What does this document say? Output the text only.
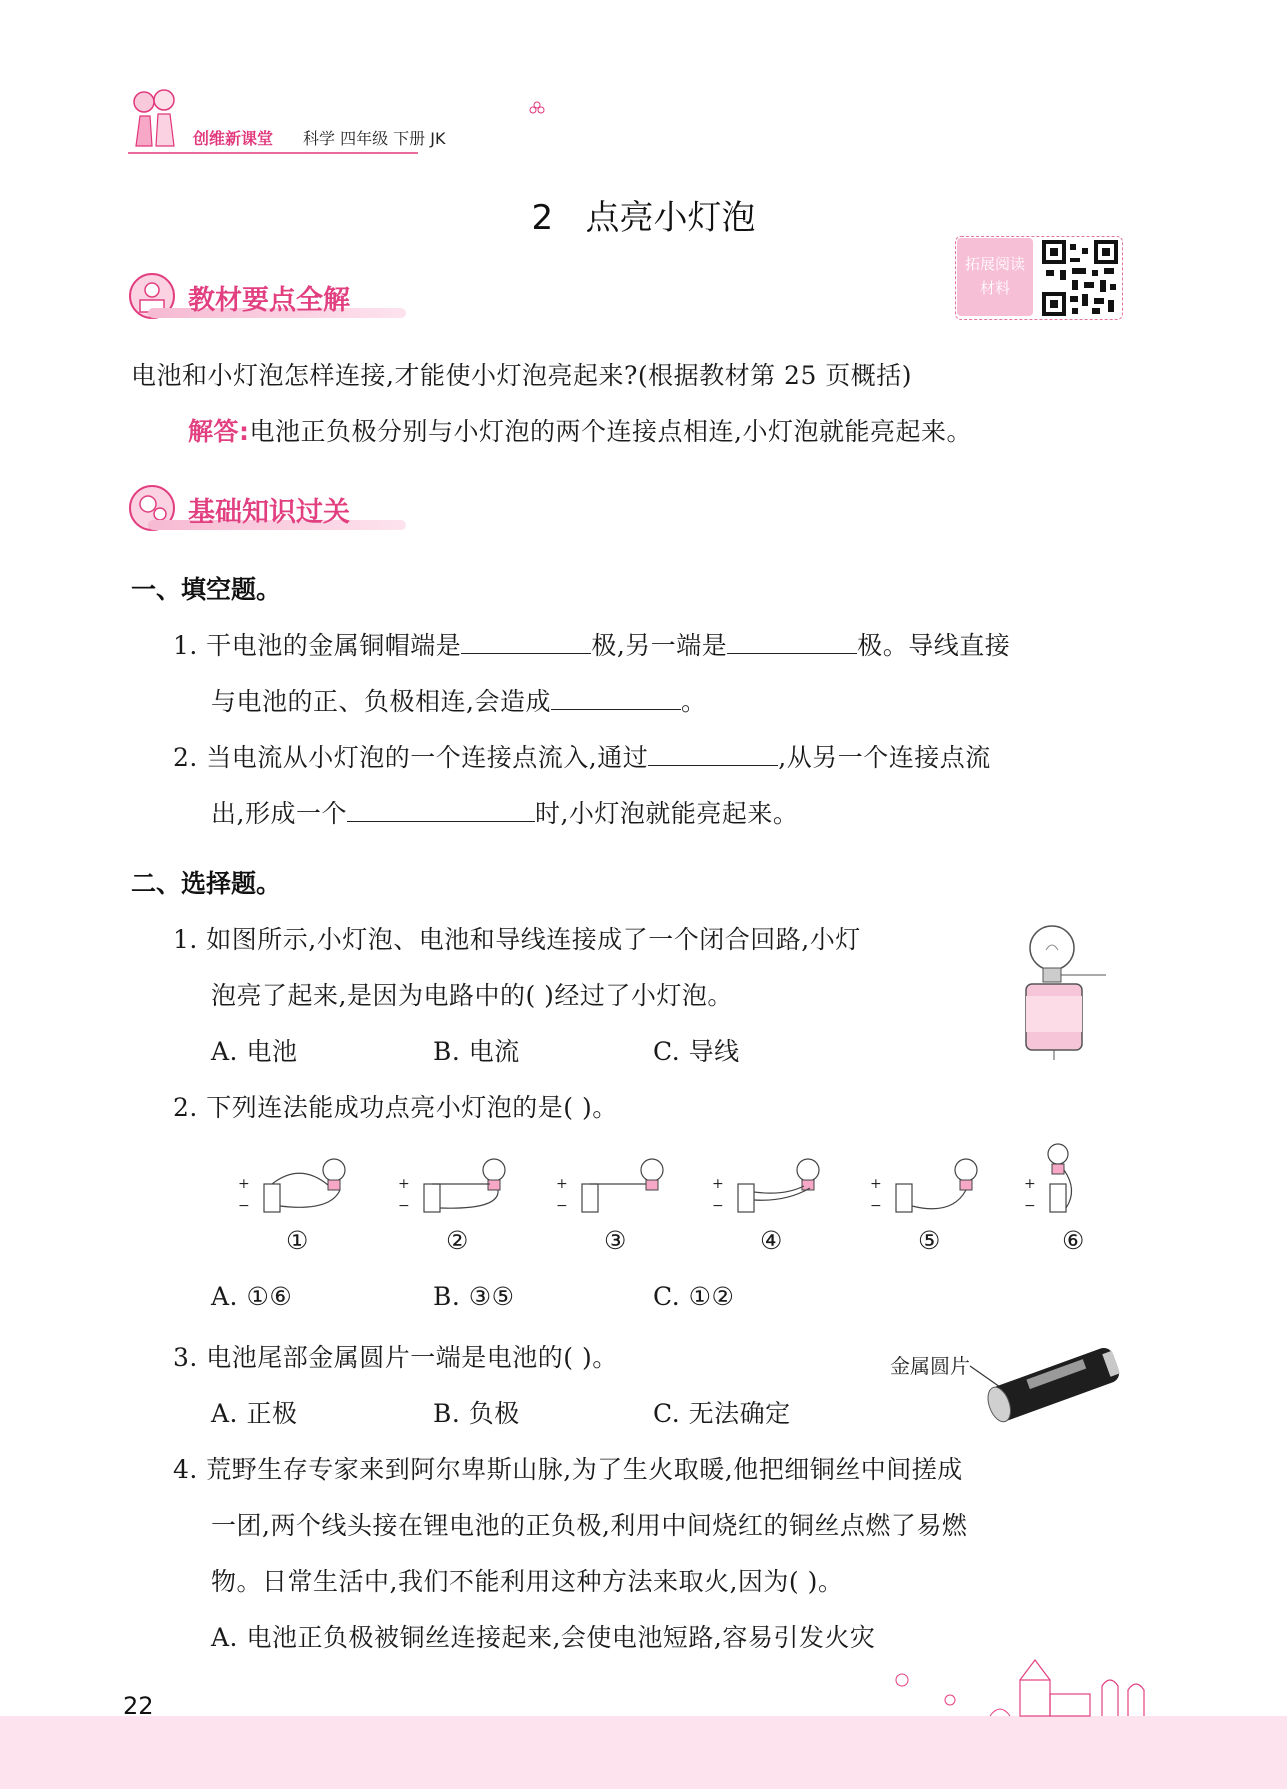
创维新课堂 科学 四年级 下册 JK
2 点亮小灯泡
拓展阅读
材料
教材要点全解
电池和小灯泡怎样连接,才能使小灯泡亮起来?(根据教材第 25 页概括)
解答:电池正负极分别与小灯泡的两个连接点相连,小灯泡就能亮起来。
基础知识过关
一、填空题。
1. 干电池的金属铜帽端是	极,另一端是	极。导线直接
与电池的正、负极相连,会造成	。
2. 当电流从小灯泡的一个连接点流入,通过	,从另一个连接点流
出,形成一个	时,小灯泡就能亮起来。
二、选择题。
1. 如图所示,小灯泡、电池和导线连接成了一个闭合回路,小灯
泡亮了起来,是因为电路中的( )经过了小灯泡。
A. 电池	B. 电流	C. 导线
2. 下列连法能成功点亮小灯泡的是( )。
+
−
+
−
+
−
+
−
+
−
+
−
①	②	③	④	⑤	⑥
A. ①⑥	B. ③⑤	C. ①②
3. 电池尾部金属圆片一端是电池的( )。
A. 正极	B. 负极	C. 无法确定
金属圆片
4. 荒野生存专家来到阿尔卑斯山脉,为了生火取暖,他把细铜丝中间搓成
一团,两个线头接在锂电池的正负极,利用中间烧红的铜丝点燃了易燃
物。日常生活中,我们不能利用这种方法来取火,因为( )。
A. 电池正负极被铜丝连接起来,会使电池短路,容易引发火灾
22
